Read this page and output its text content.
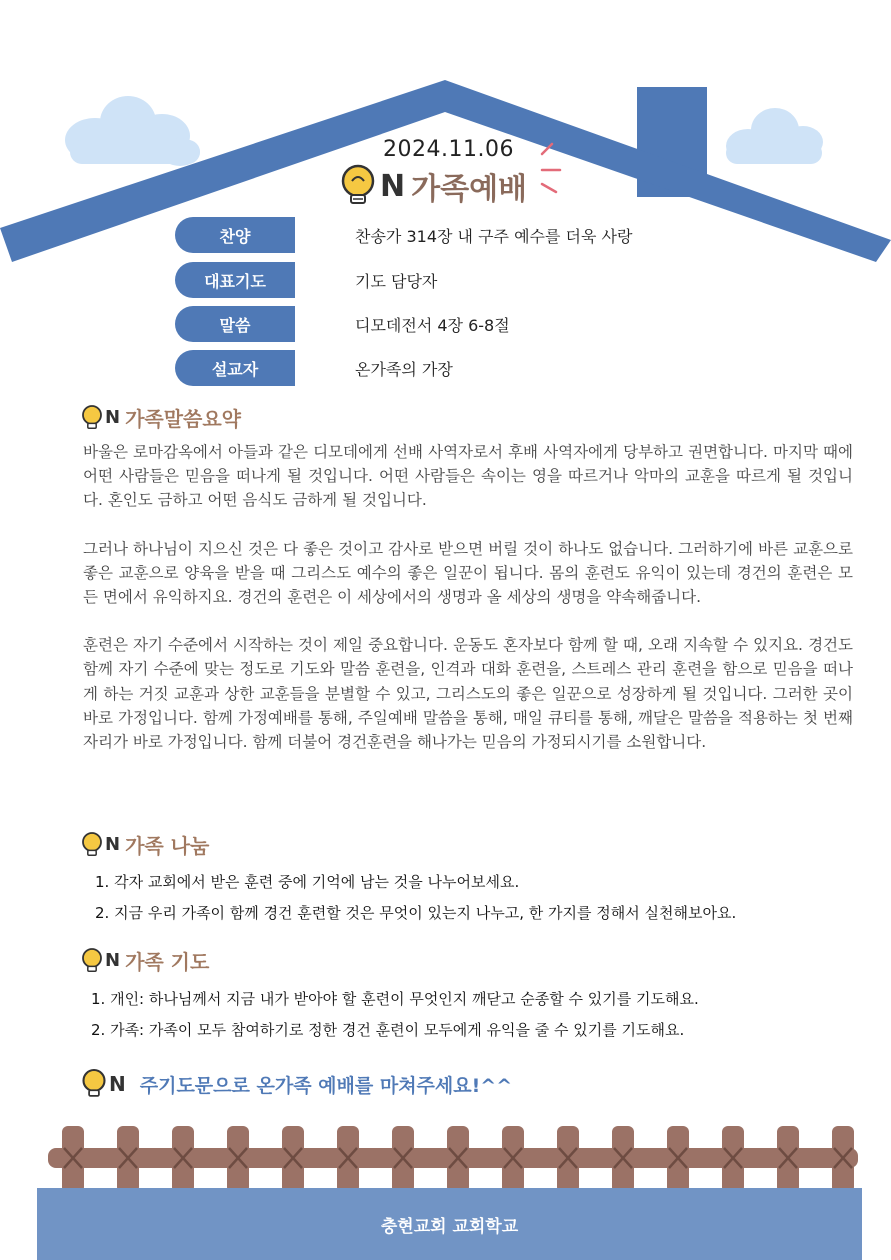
2024.11.06
N 가족예배
찬양	찬송가 314장 내 구주 예수를 더욱 사랑
대표기도	기도 담당자
말씀	디모데전서 4장 6-8절
설교자	온가족의 가장
N 가족말씀요약

바울은 로마감옥에서 아들과 같은 디모데에게 선배 사역자로서 후배 사역자에게 당부하고 권면합니다. 마지막 때에 어떤 사람들은 믿음을 떠나게 될 것입니다. 어떤 사람들은 속이는 영을 따르거나 악마의 교훈을 따르게 될 것입니다. 혼인도 금하고 어떤 음식도 금하게 될 것입니다.

그러나 하나님이 지으신 것은 다 좋은 것이고 감사로 받으면 버릴 것이 하나도 없습니다. 그러하기에 바른 교훈으로 좋은 교훈으로 양육을 받을 때 그리스도 예수의 좋은 일꾼이 됩니다. 몸의 훈련도 유익이 있는데 경건의 훈련은 모든 면에서 유익하지요. 경건의 훈련은 이 세상에서의 생명과 올 세상의 생명을 약속해줍니다.

훈련은 자기 수준에서 시작하는 것이 제일 중요합니다. 운동도 혼자보다 함께 할 때, 오래 지속할 수 있지요. 경건도 함께 자기 수준에 맞는 정도로 기도와 말씀 훈련을, 인격과 대화 훈련을, 스트레스 관리 훈련을 함으로 믿음을 떠나게 하는 거짓 교훈과 상한 교훈들을 분별할 수 있고, 그리스도의 좋은 일꾼으로 성장하게 될 것입니다. 그러한 곳이 바로 가정입니다. 함께 가정예배를 통해, 주일예배 말씀을 통해, 매일 큐티를 통해, 깨달은 말씀을 적용하는 첫 번째 자리가 바로 가정입니다. 함께 더불어 경건훈련을 해나가는 믿음의 가정되시기를 소원합니다.

N 가족 나눔
1. 각자 교회에서 받은 훈련 중에 기억에 남는 것을 나누어보세요.
2. 지금 우리 가족이 함께 경건 훈련할 것은 무엇이 있는지 나누고, 한 가지를 정해서 실천해보아요.
N 가족 기도
1. 개인: 하나님께서 지금 내가 받아야 할 훈련이 무엇인지 깨닫고 순종할 수 있기를 기도해요.
2. 가족: 가족이 모두 참여하기로 정한 경건 훈련이 모두에게 유익을 줄 수 있기를 기도해요.
N 주기도문으로 온가족 예배를 마쳐주세요!^^
충현교회 교회학교
